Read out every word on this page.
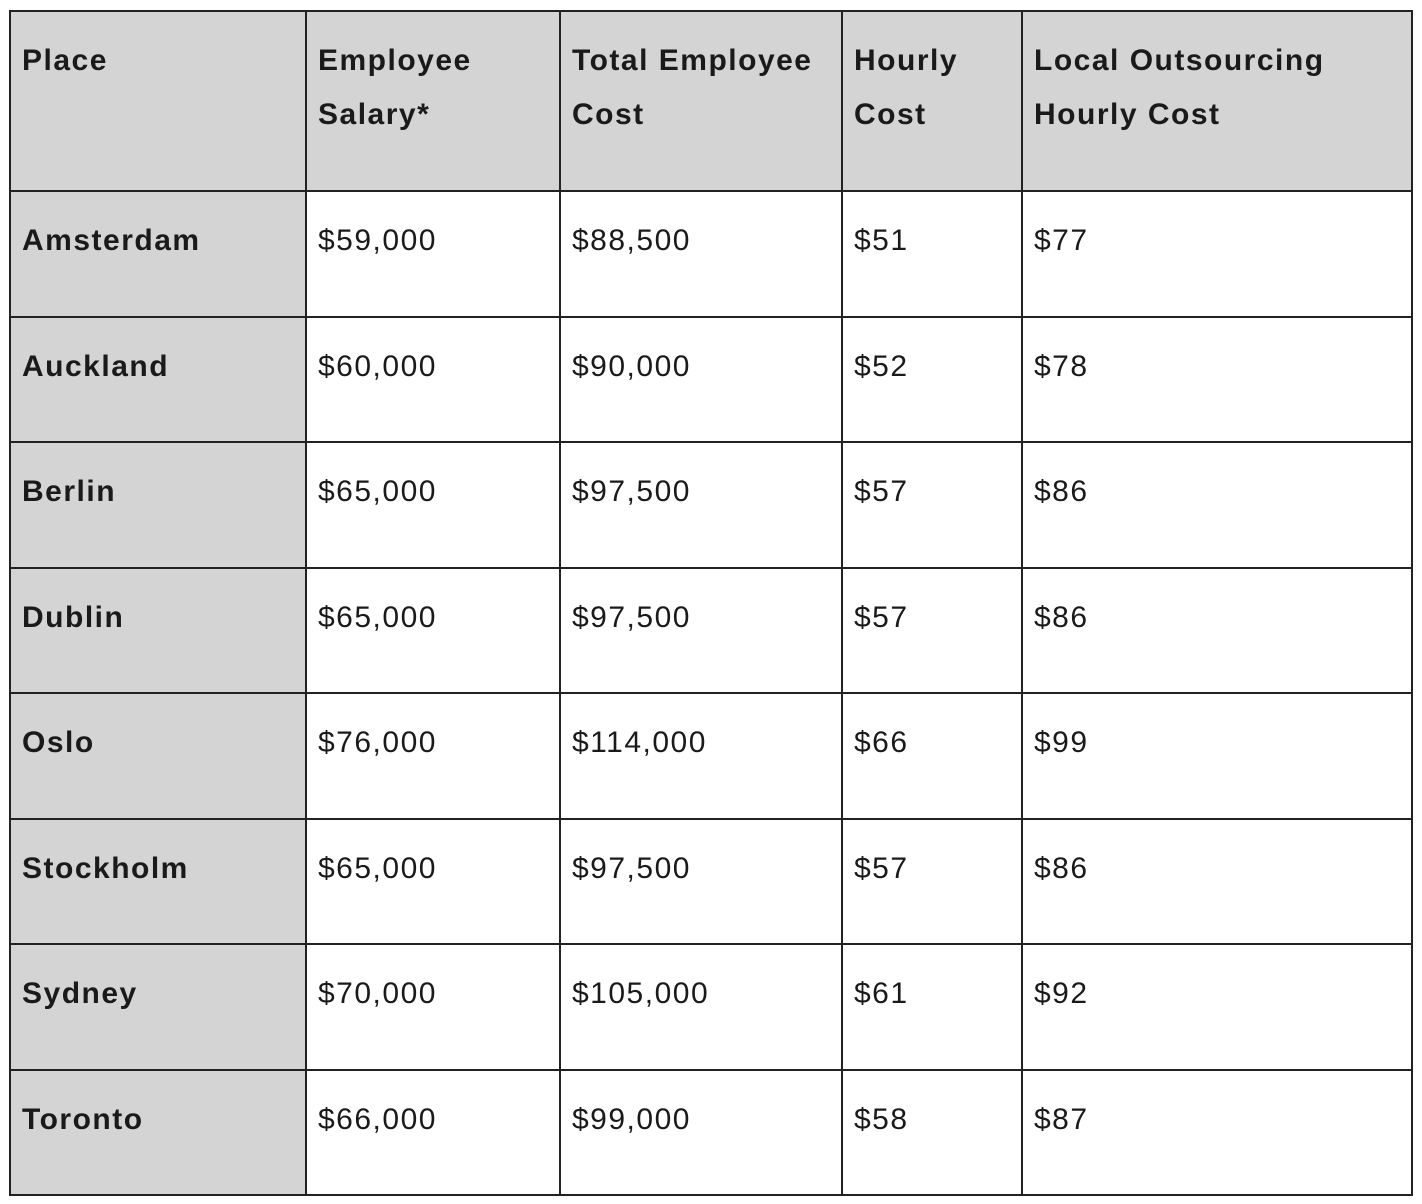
Place	Employee Salary*	Total Employee Cost	Hourly Cost	Local Outsourcing Hourly Cost
Amsterdam	$59,000	$88,500	$51	$77
Auckland	$60,000	$90,000	$52	$78
Berlin	$65,000	$97,500	$57	$86
Dublin	$65,000	$97,500	$57	$86
Oslo	$76,000	$114,000	$66	$99
Stockholm	$65,000	$97,500	$57	$86
Sydney	$70,000	$105,000	$61	$92
Toronto	$66,000	$99,000	$58	$87
